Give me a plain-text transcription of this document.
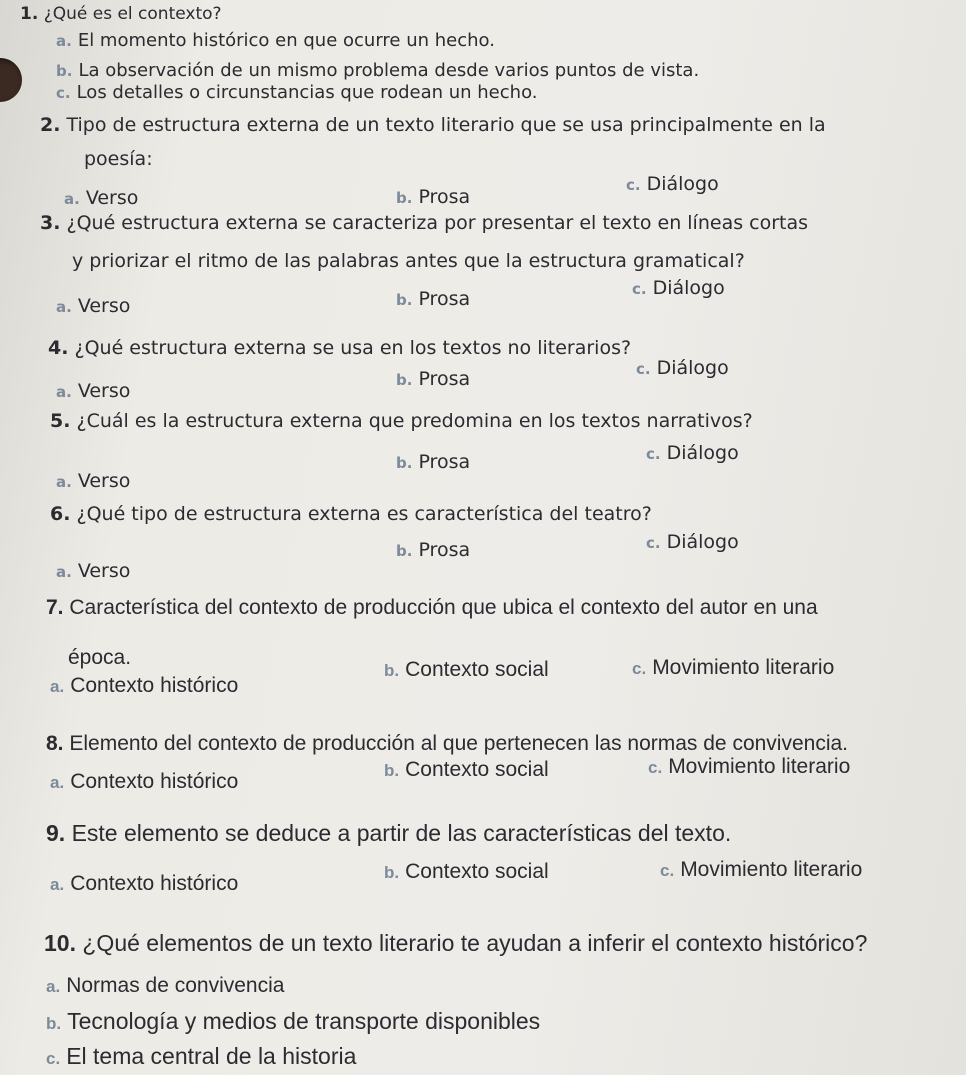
1. ¿Qué es el contexto?
a. El momento histórico en que ocurre un hecho.
b. La observación de un mismo problema desde varios puntos de vista.
c. Los detalles o circunstancias que rodean un hecho.
2. Tipo de estructura externa de un texto literario que se usa principalmente en la
poesía:
a. Verso	b. Prosa
c. Diálogo
3. ¿Qué estructura externa se caracteriza por presentar el texto en líneas cortas
y priorizar el ritmo de las palabras antes que la estructura gramatical?
a. Verso	b. Prosa	c. Diálogo
4. ¿Qué estructura externa se usa en los textos no literarios?
a. Verso	b. Prosa	c. Diálogo
5. ¿Cuál es la estructura externa que predomina en los textos narrativos?
a. Verso
b. Prosa	c. Diálogo
6. ¿Qué tipo de estructura externa es característica del teatro?
a. Verso
b. Prosa	c. Diálogo
7. Característica del contexto de producción que ubica el contexto del autor en una
época.
a. Contexto histórico
b. Contexto social	c. Movimiento literario
8. Elemento del contexto de producción al que pertenecen las normas de convivencia.
a. Contexto histórico	b. Contexto social	c. Movimiento literario
9. Este elemento se deduce a partir de las características del texto.
a. Contexto histórico	b. Contexto social	c. Movimiento literario
10. ¿Qué elementos de un texto literario te ayudan a inferir el contexto histórico?
a. Normas de convivencia
b. Tecnología y medios de transporte disponibles
c. El tema central de la historia
